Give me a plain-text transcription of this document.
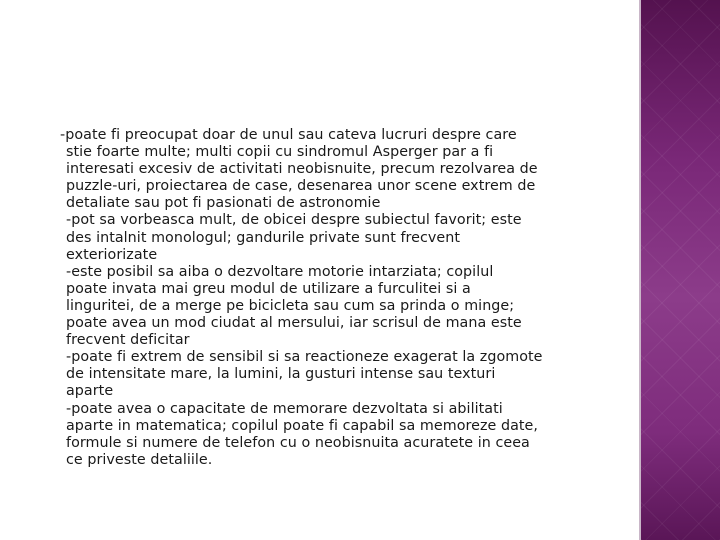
-poate fi preocupat doar de unul sau cateva lucruri despre care
stie foarte multe; multi copii cu sindromul Asperger par a fi
interesati excesiv de activitati neobisnuite, precum rezolvarea de
puzzle-uri, proiectarea de case, desenarea unor scene extrem de
detaliate sau pot fi pasionati de astronomie
-pot sa vorbeasca mult, de obicei despre subiectul favorit; este
des intalnit monologul; gandurile private sunt frecvent
exteriorizate
-este posibil sa aiba o dezvoltare motorie intarziata; copilul
poate invata mai greu modul de utilizare a furculitei si a
linguritei, de a merge pe bicicleta sau cum sa prinda o minge;
poate avea un mod ciudat al mersului, iar scrisul de mana este
frecvent deficitar
-poate fi extrem de sensibil si sa reactioneze exagerat la zgomote
de intensitate mare, la lumini, la gusturi intense sau texturi
aparte
-poate avea o capacitate de memorare dezvoltata si abilitati
aparte in matematica; copilul poate fi capabil sa memoreze date,
formule si numere de telefon cu o neobisnuita acuratete in ceea
ce priveste detaliile.
